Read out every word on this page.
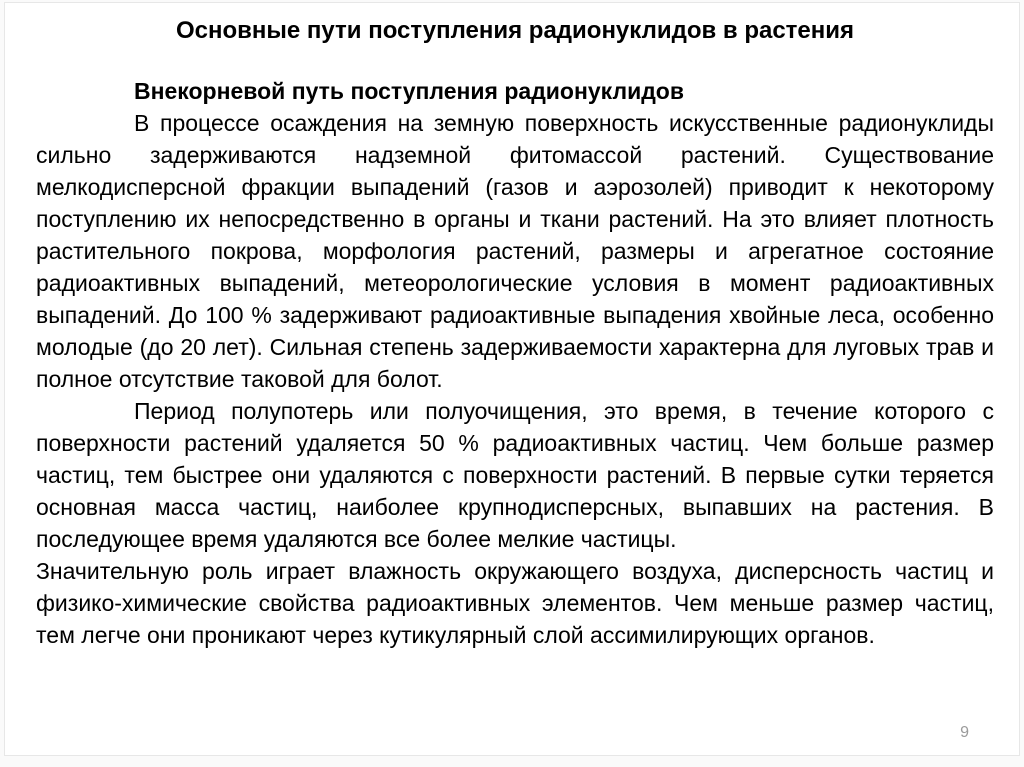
Основные пути поступления радионуклидов в растения

Внекорневой путь поступления радионуклидов

В процессе осаждения на земную поверхность искусственные радионуклиды сильно задерживаются надземной фитомассой растений. Существование мелкодисперсной фракции выпадений (газов и аэрозолей) приводит к некоторому поступлению их непосредственно в органы и ткани растений. На это влияет плотность растительного покрова, морфология растений, размеры и агрегатное состояние радиоактивных выпадений, метеорологические условия в момент радиоактивных выпадений. До 100 % задерживают радиоактивные выпадения хвойные леса, особенно молодые (до 20 лет). Сильная степень задерживаемости характерна для луговых трав и полное отсутствие таковой для болот.

Период полупотерь или полуочищения, это время, в течение которого с поверхности растений удаляется 50 % радиоактивных частиц. Чем больше размер частиц, тем быстрее они удаляются с поверхности растений. В первые сутки теряется основная масса частиц, наиболее крупнодисперсных, выпавших на растения. В последующее время удаляются все более мелкие частицы.

Значительную роль играет влажность окружающего воздуха, дисперсность частиц и физико-химические свойства радиоактивных элементов. Чем меньше размер частиц, тем легче они проникают через кутикулярный слой ассимилирующих органов.

9
